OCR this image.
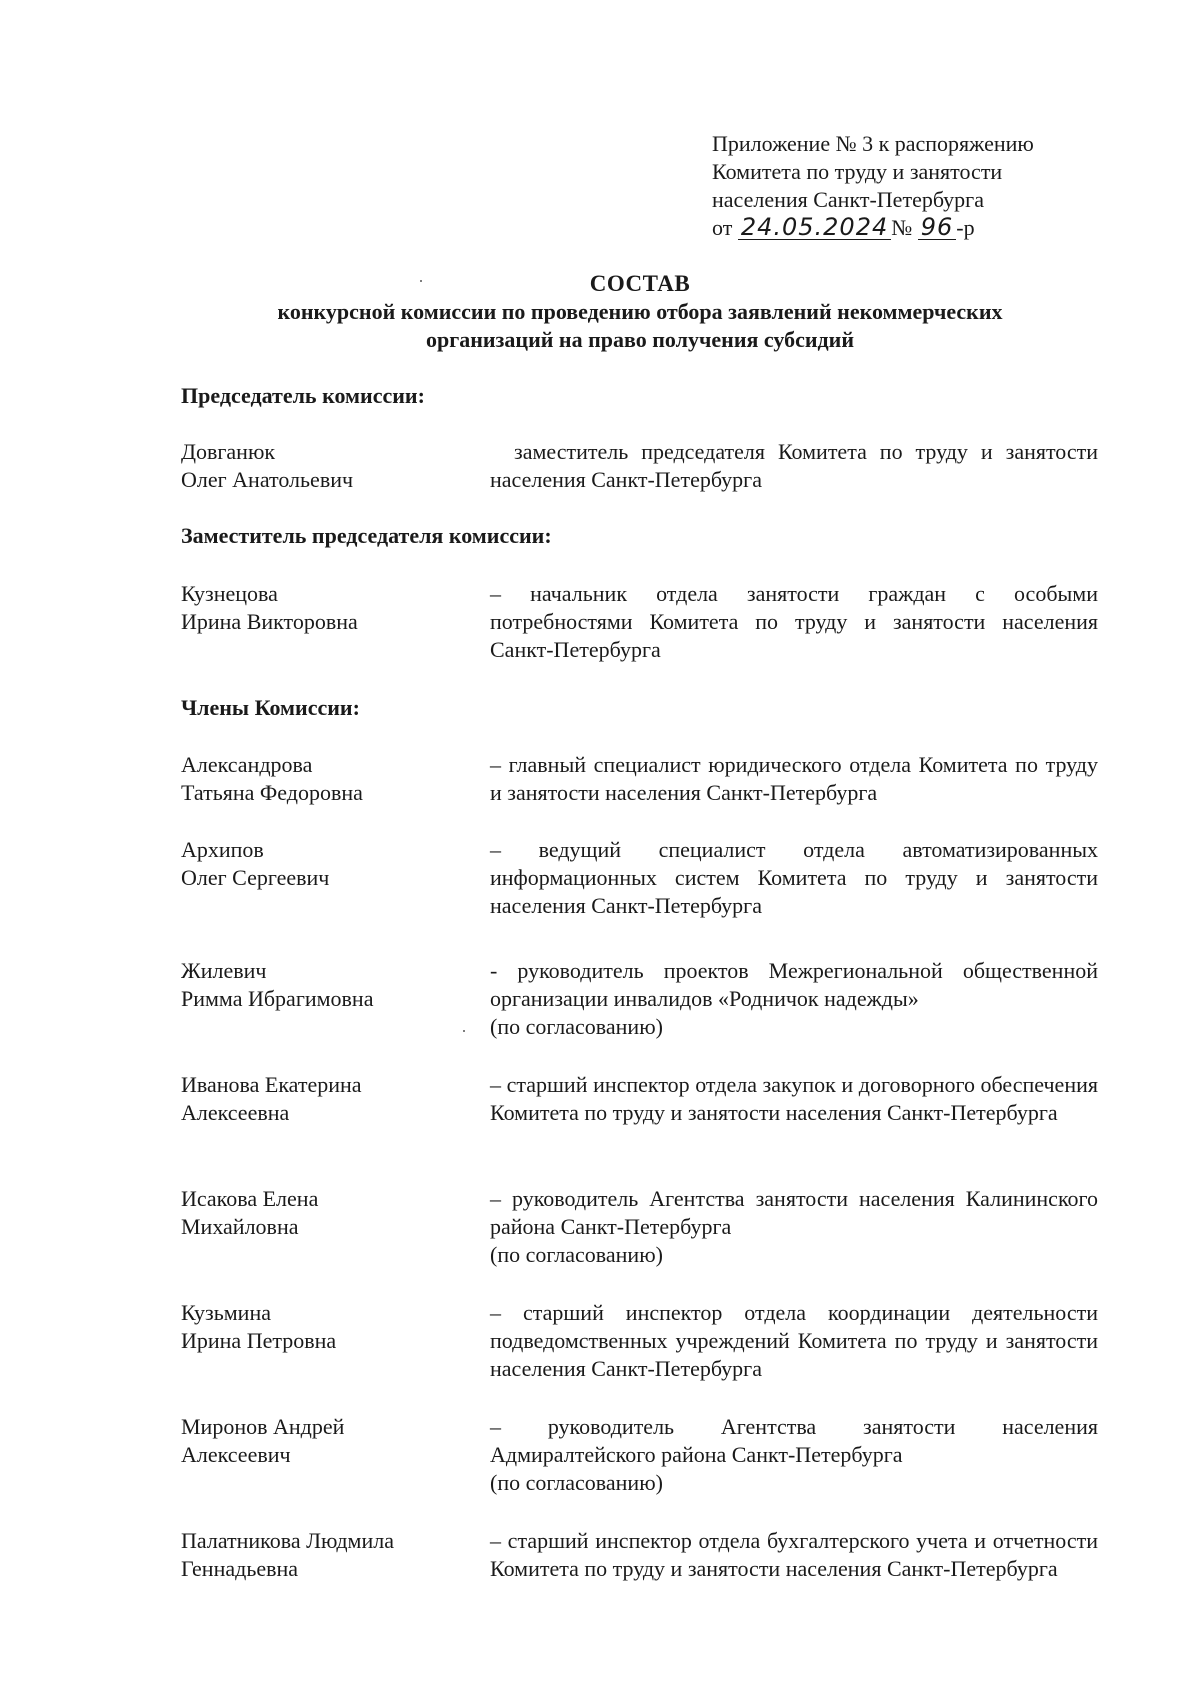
Приложение № 3 к распоряжению
Комитета по труду и занятости
населения Санкт-Петербурга
от 24.05.2024 № 96 -р
СОСТАВ
конкурсной комиссии по проведению отбора заявлений некоммерческих
организаций на право получения субсидий
Председатель комиссии:
Довганюк
Олег Анатольевич
заместитель председателя Комитета по труду и занятости населения Санкт-Петербурга
Заместитель председателя комиссии:
Кузнецова
Ирина Викторовна
– начальник отдела занятости граждан с особыми потребностями Комитета по труду и занятости населения Санкт-Петербурга
Члены Комиссии:
Александрова
Татьяна Федоровна
– главный специалист юридического отдела Комитета по труду и занятости населения Санкт-Петербурга
Архипов
Олег Сергеевич
– ведущий специалист отдела автоматизированных информационных систем Комитета по труду и занятости населения Санкт-Петербурга
Жилевич
Римма Ибрагимовна
- руководитель проектов Межрегиональной общественной организации инвалидов «Родничок надежды»
(по согласованию)
Иванова Екатерина
Алексеевна
– старший инспектор отдела закупок и договорного обеспечения Комитета по труду и занятости населения Санкт-Петербурга
Исакова Елена
Михайловна
– руководитель Агентства занятости населения Калининского района Санкт-Петербурга
(по согласованию)
Кузьмина
Ирина Петровна
– старший инспектор отдела координации деятельности подведомственных учреждений Комитета по труду и занятости населения Санкт-Петербурга
Миронов Андрей
Алексеевич
– руководитель Агентства занятости населения Адмиралтейского района Санкт-Петербурга
(по согласованию)
Палатникова Людмила
Геннадьевна
– старший инспектор отдела бухгалтерского учета и отчетности Комитета по труду и занятости населения Санкт-Петербурга
